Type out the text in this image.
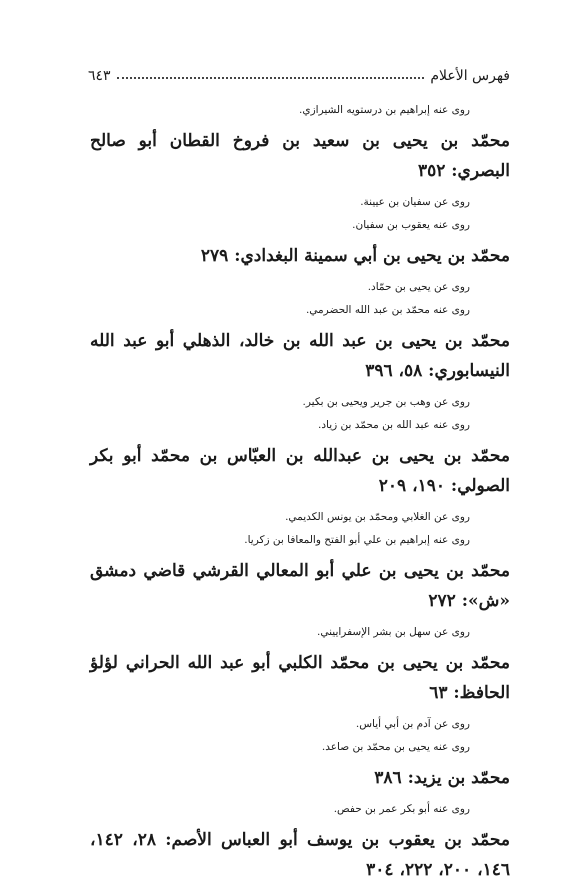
فهرس الأعلام
٦٤٣
روى عنه إبراهيم بن درستويه الشيرازي.
محمّد بن يحيى بن سعيد بن فروخ القطان أبو صالح البصري: ٣٥٢
روى عن سفيان بن عيينة.
روى عنه يعقوب بن سفيان.
محمّد بن يحيى بن أبي سمينة البغدادي: ٢٧٩
روى عن يحيى بن حمّاد.
روى عنه محمّد بن عبد الله الحضرمي.
محمّد بن يحيى بن عبد الله بن خالد، الذهلي أبو عبد الله النيسابوري: ٥٨، ٣٩٦
روى عن وهب بن جرير ويحيى بن بكير.
روى عنه عبد الله بن محمّد بن زياد.
محمّد بن يحيى بن عبدالله بن العبّاس بن محمّد أبو بكر الصولي: ١٩٠، ٢٠٩
روى عن الغلابي ومحمّد بن يونس الكديمي.
روى عنه إبراهيم بن علي أبو الفتح والمعافا بن زكريا.
محمّد بن يحيى بن علي أبو المعالي القرشي قاضي دمشق «ش»: ٢٧٢
روى عن سهل بن بشر الإسفراييني.
محمّد بن يحيى بن محمّد الكلبي أبو عبد الله الحراني لؤلؤ الحافظ: ٦٣
روى عن آدم بن أبي أياس.
روى عنه يحيى بن محمّد بن صاعد.
محمّد بن يزيد: ٣٨٦
روى عنه أبو بكر عمر بن حفص.
محمّد بن يعقوب بن يوسف أبو العباس الأصم: ٢٨، ١٤٢، ١٤٦، ٢٠٠، ٢٢٢، ٣٠٤
